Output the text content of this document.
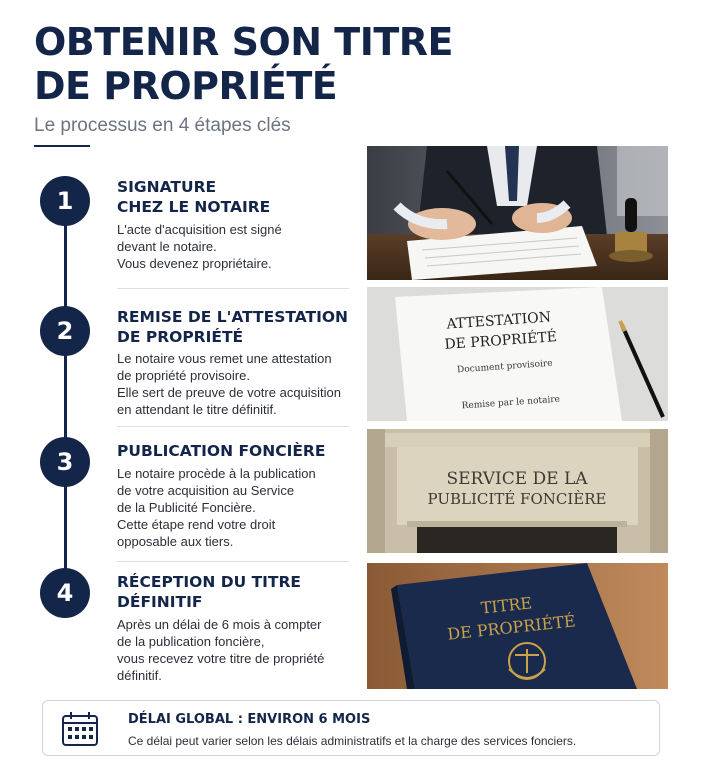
OBTENIR SON TITRE
DE PROPRIÉTÉ
Le processus en 4 étapes clés
1	SIGNATURE
CHEZ LE NOTAIRE
L'acte d'acquisition est signé
devant le notaire.
Vous devenez propriétaire.
2	REMISE DE L'ATTESTATION
DE PROPRIÉTÉ
Le notaire vous remet une attestation
de propriété provisoire.
Elle sert de preuve de votre acquisition
en attendant le titre définitif.
ATTESTATION
DE PROPRIÉTÉ
Document provisoire
Remise par le notaire
3	PUBLICATION FONCIÈRE
Le notaire procède à la publication
de votre acquisition au Service
de la Publicité Foncière.
Cette étape rend votre droit
opposable aux tiers.
SERVICE DE LA
PUBLICITÉ FONCIÈRE
4	RÉCEPTION DU TITRE
DÉFINITIF
Après un délai de 6 mois à compter
de la publication foncière,
vous recevez votre titre de propriété
définitif.
TITRE
DE PROPRIÉTÉ
DÉLAI GLOBAL : ENVIRON 6 MOIS
Ce délai peut varier selon les délais administratifs et la charge des services fonciers.
